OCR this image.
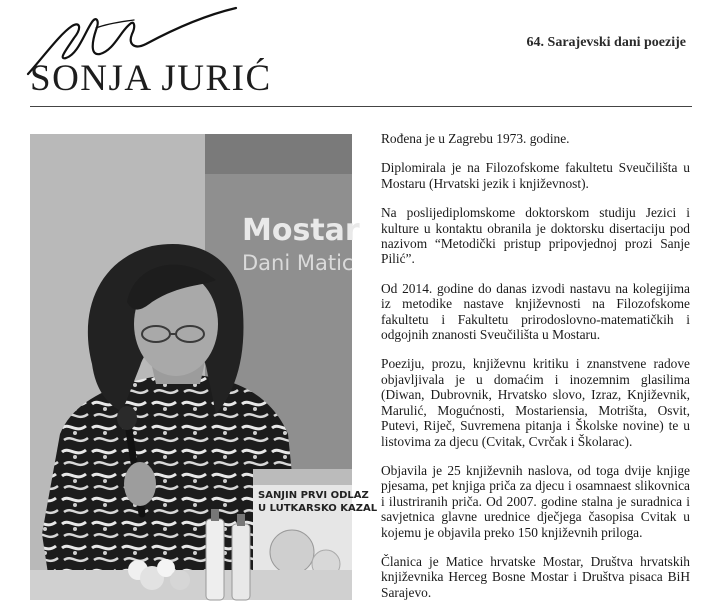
SONJA JURIĆ
64. Sarajevski dani poezije
Mostar
Dani Matic
SANJIN PRVI ODLAZ
U LUTKARSKO KAZAL

Rođena je u Zagrebu 1973. godine.

Diplomirala je na Filozofskome fakultetu Sveučilišta u Mostaru (Hrvatski jezik i književnost).

Na poslijediplomskome doktorskom studiju Jezici i kulture u kontaktu obranila je doktorsku disertaciju pod nazivom “Metodički pristup pripovjednoj prozi Sanje Pilić”.

Od 2014. godine do danas izvodi nastavu na kolegijima iz metodike nastave književnosti na Filozofskome fakultetu i Fakultetu prirodoslovno-matematičkih i odgojnih znanosti Sveučilišta u Mostaru.

Poeziju, prozu, književnu kritiku i znanstvene radove objavljivala je u domaćim i inozemnim glasilima (Diwan, Dubrovnik, Hrvatsko slovo, Izraz, Književnik, Marulić, Mogućnosti, Mostariensia, Motrišta, Osvit, Putevi, Riječ, Suvremena pitanja i Školske novine) te u listovima za djecu (Cvitak, Cvrčak i Školarac).

Objavila je 25 književnih naslova, od toga dvije knjige pjesama, pet knjiga priča za djecu i osamnaest slikovnica i ilustriranih priča. Od 2007. godine stalna je suradnica i savjetnica glavne urednice dječjega časopisa Cvitak u kojemu je objavila preko 150 književnih priloga.

Članica je Matice hrvatske Mostar, Društva hrvatskih književnika Herceg Bosne Mostar i Društva pisaca BiH Sarajevo.
